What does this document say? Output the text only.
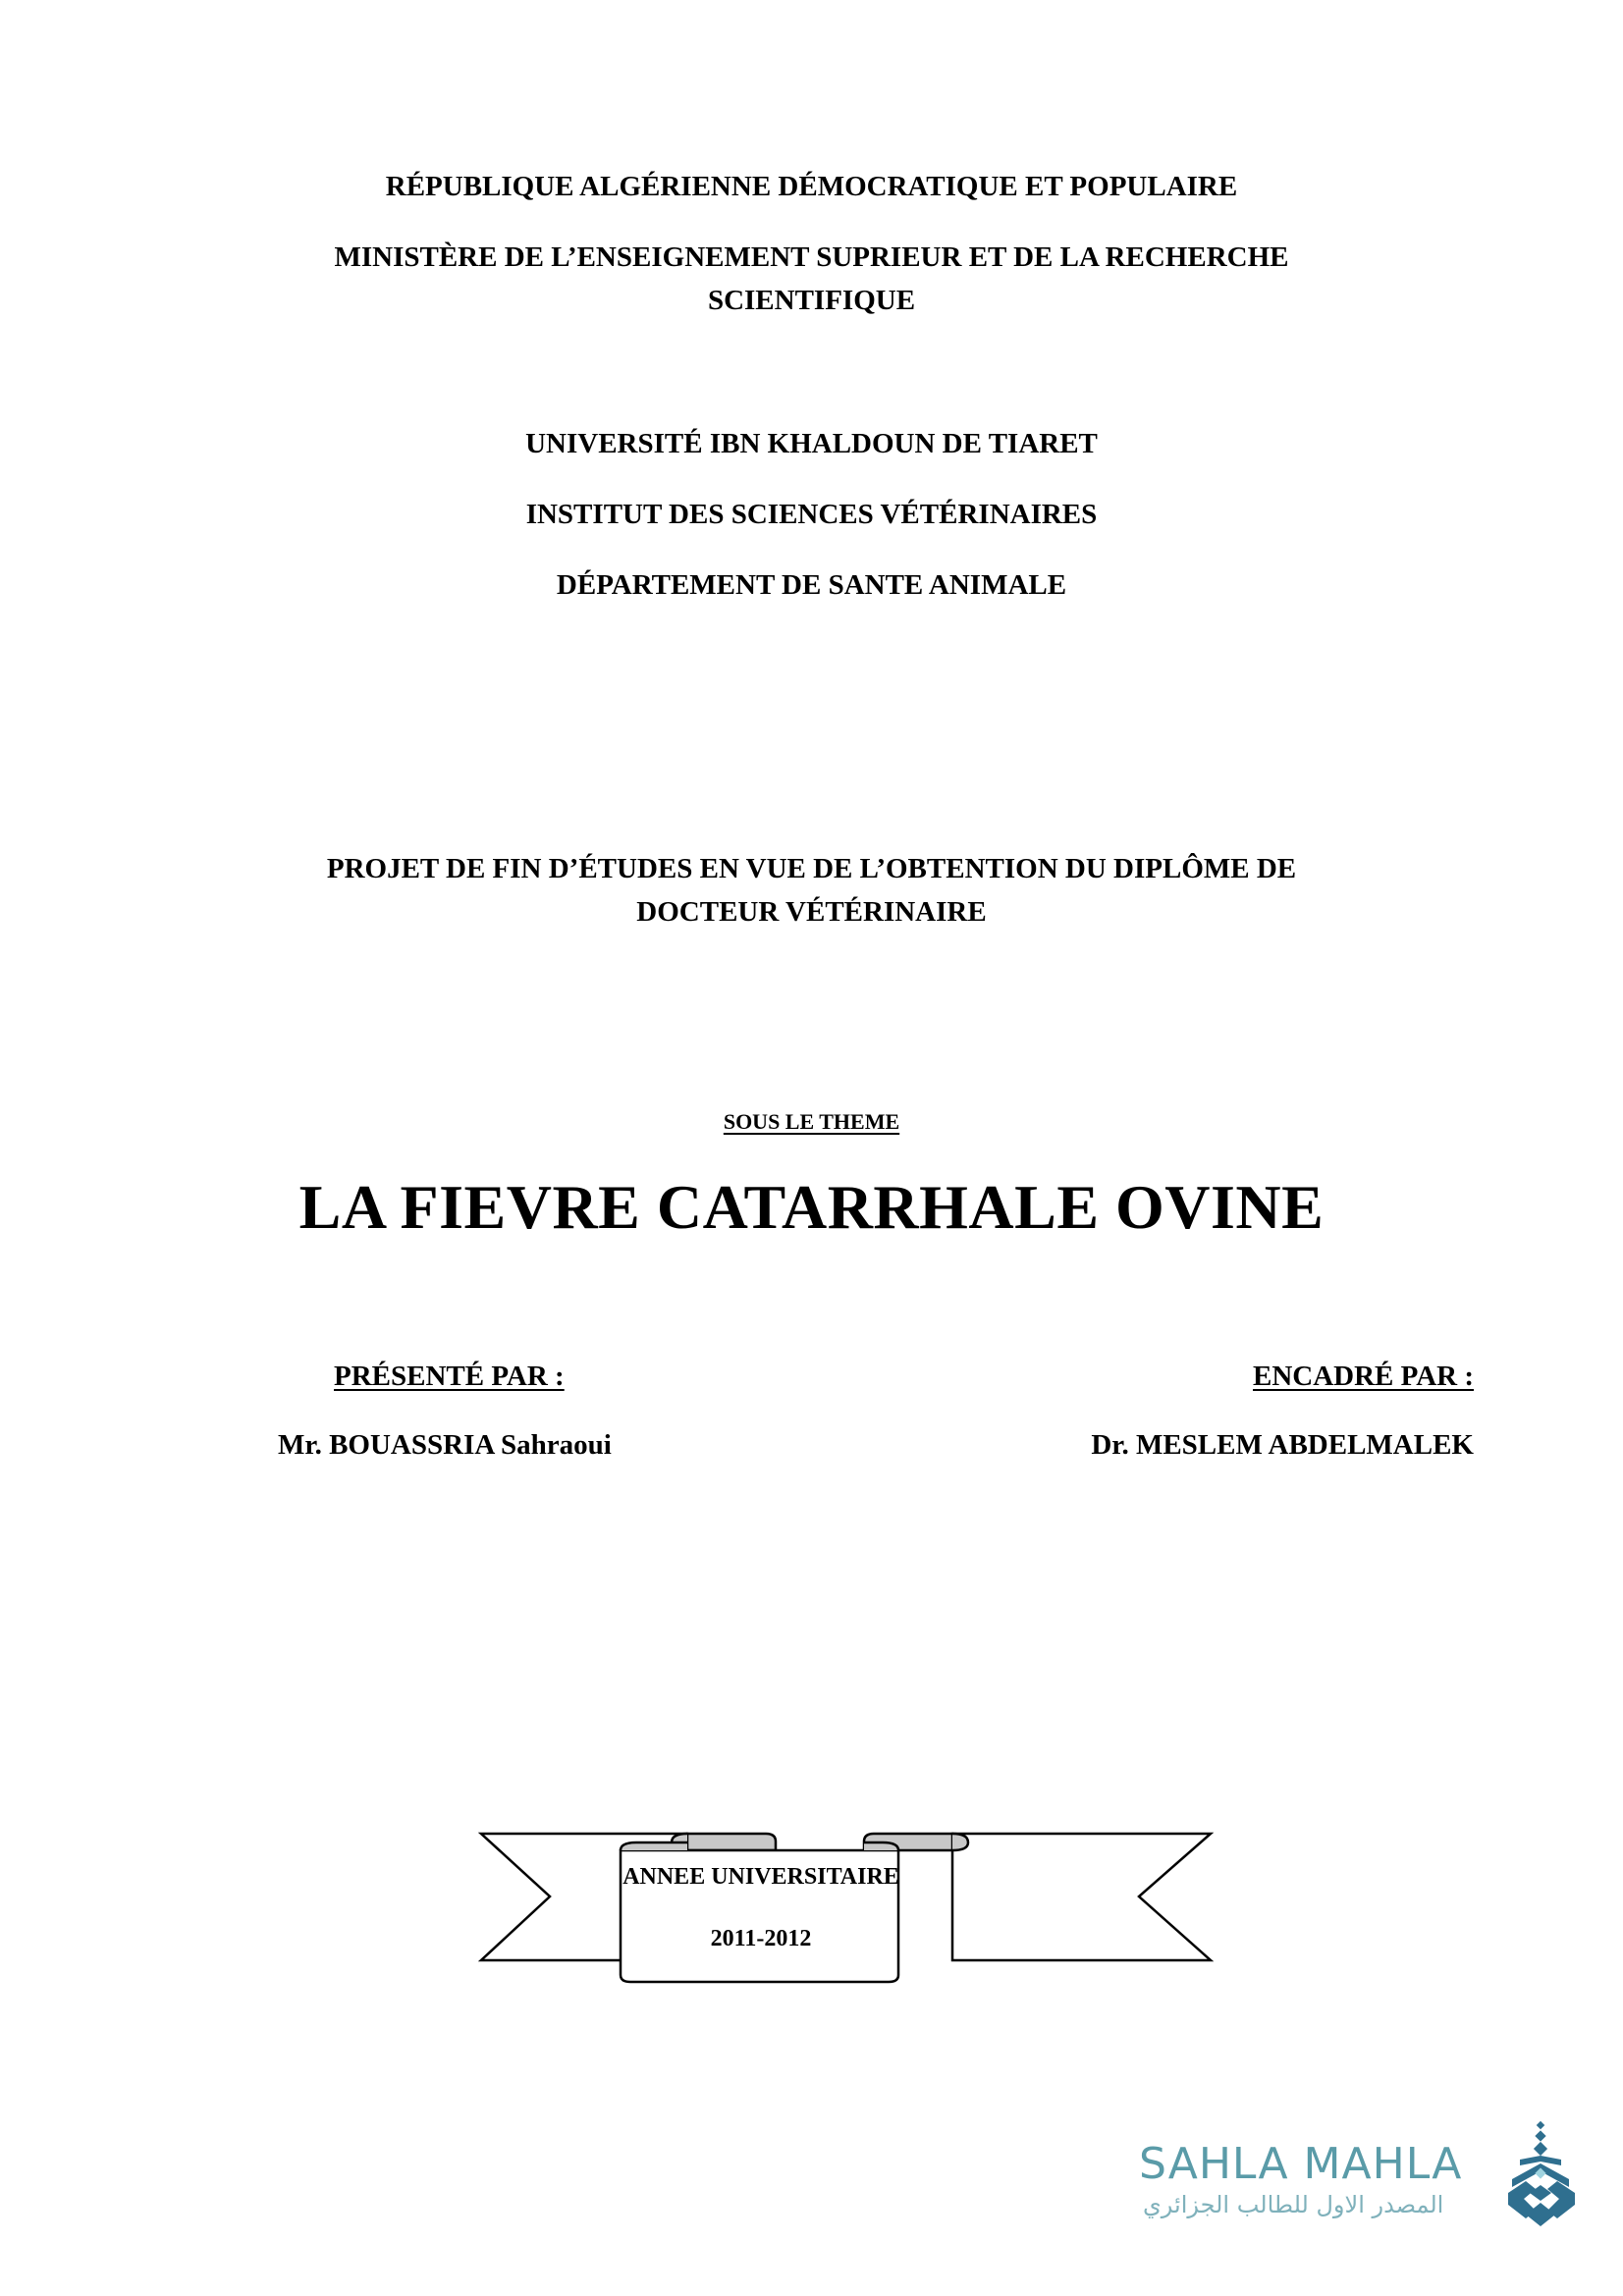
RÉPUBLIQUE ALGÉRIENNE DÉMOCRATIQUE ET POPULAIRE
MINISTÈRE DE L’ENSEIGNEMENT SUPRIEUR ET DE LA RECHERCHE
SCIENTIFIQUE
UNIVERSITÉ IBN KHALDOUN DE TIARET
INSTITUT DES SCIENCES VÉTÉRINAIRES
DÉPARTEMENT DE SANTE ANIMALE
PROJET DE FIN D’ÉTUDES EN VUE DE L’OBTENTION DU DIPLÔME DE
DOCTEUR VÉTÉRINAIRE
SOUS LE THEME
LA FIEVRE CATARRHALE OVINE
PRÉSENTÉ PAR :
Mr. BOUASSRIA Sahraoui
ENCADRÉ PAR :
Dr. MESLEM ABDELMALEK
ANNEE UNIVERSITAIRE
2011-2012
SAHLA MAHLA
المصدر الاول للطالب الجزائري
